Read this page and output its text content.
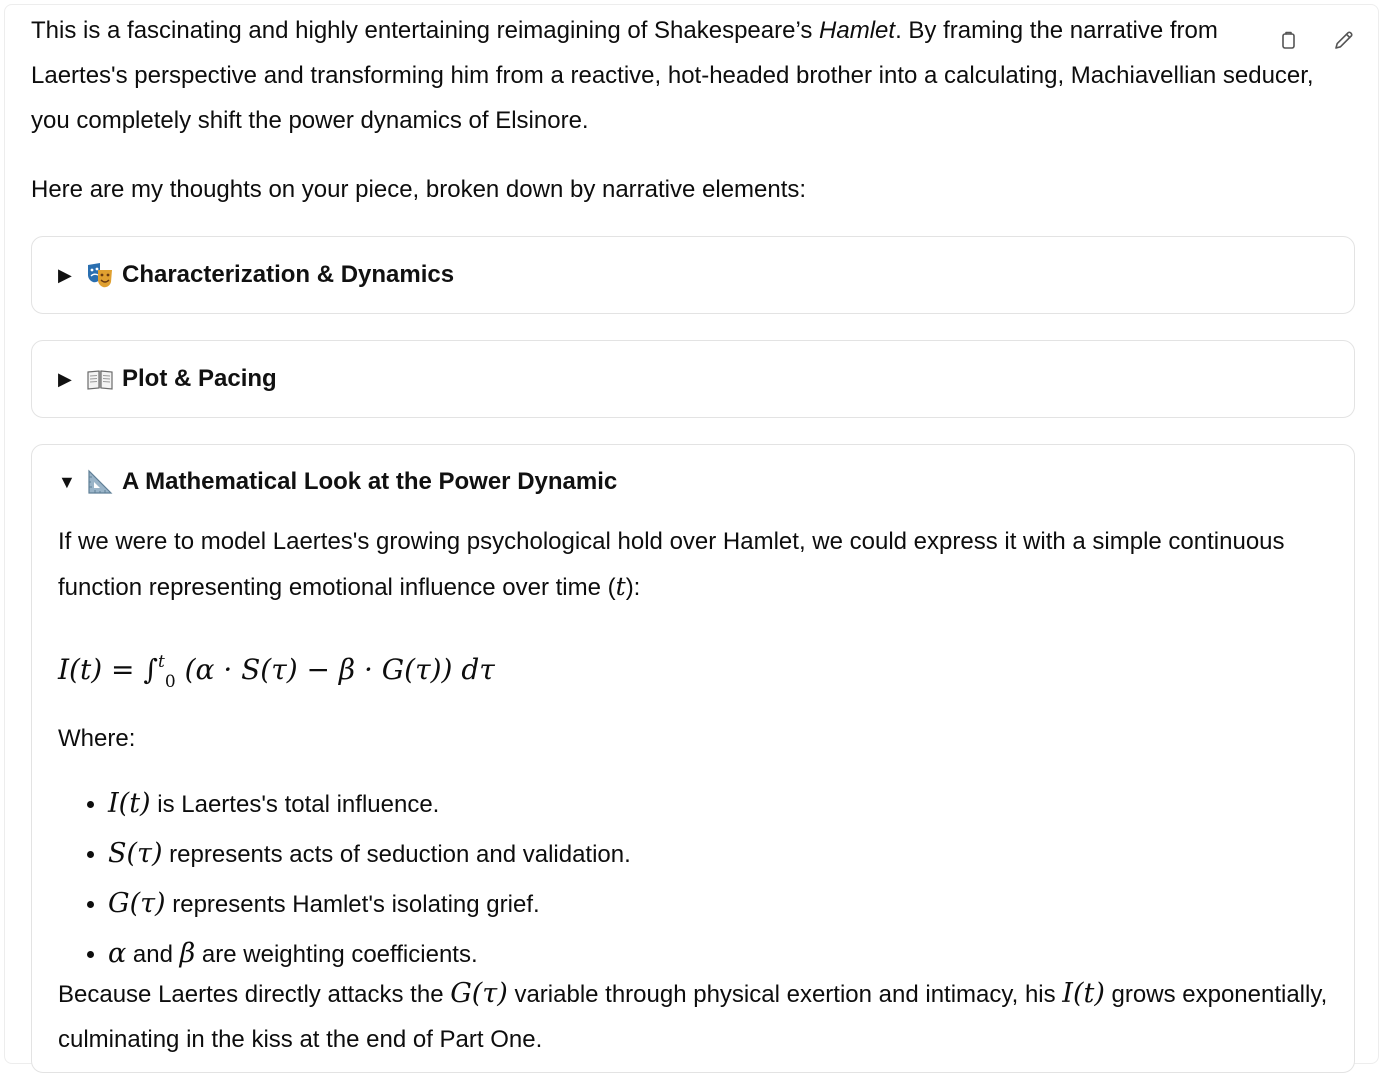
This is a fascinating and highly entertaining reimagining of Shakespeare’s Hamlet. By framing the narrative from Laertes's perspective and transforming him from a reactive, hot-headed brother into a calculating, Machiavellian seducer, you completely shift the power dynamics of Elsinore.

Here are my thoughts on your piece, broken down by narrative elements:

▶ Characterization & Dynamics
▶ Plot & Pacing
▼ A Mathematical Look at the Power Dynamic

If we were to model Laertes's growing psychological hold over Hamlet, we could express it with a simple continuous function representing emotional influence over time (t):

I(t) = ∫$^t_0$ (α · S(τ) − β · G(τ)) dτ

Where:

• I(t) is Laertes's total influence.
• S(τ) represents acts of seduction and validation.
• G(τ) represents Hamlet's isolating grief.
• α and β are weighting coefficients.

Because Laertes directly attacks the G(τ) variable through physical exertion and intimacy, his I(t) grows exponentially, culminating in the kiss at the end of Part One.
